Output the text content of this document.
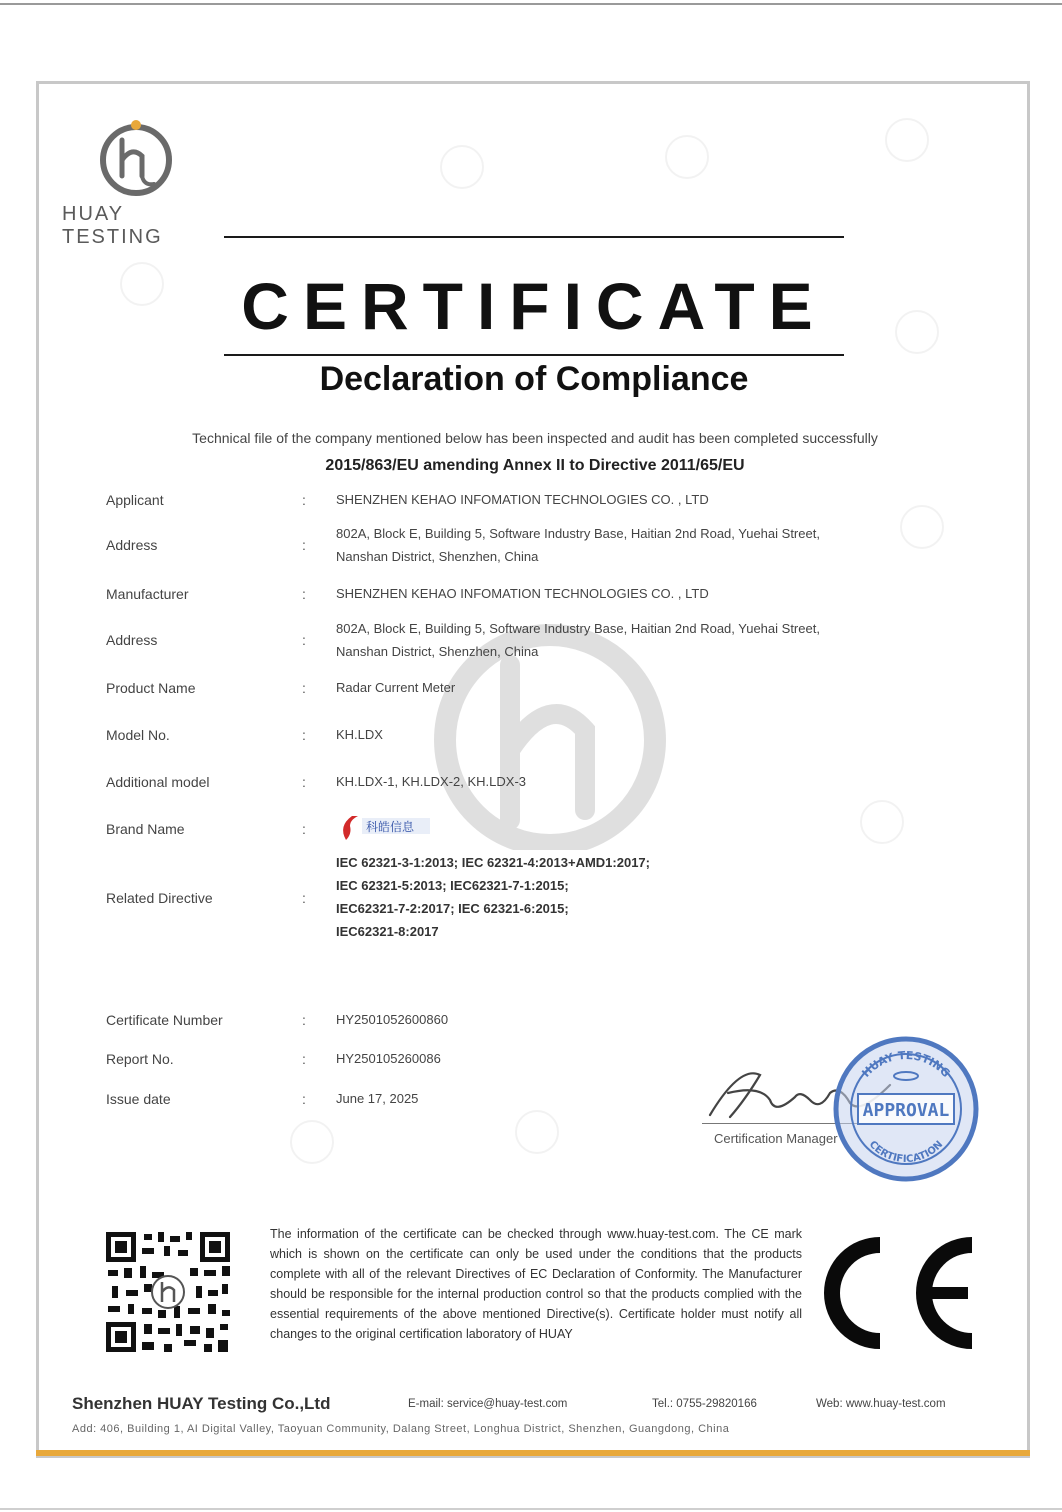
HUAY TESTING
CERTIFICATE
Declaration of Compliance
Technical file of the company mentioned below has been inspected and audit has been completed successfully
2015/863/EU amending Annex II to Directive 2011/65/EU
Applicant	: SHENZHEN KEHAO INFOMATION TECHNOLOGIES CO. , LTD
Address	:
802A, Block E, Building 5, Software Industry Base, Haitian 2nd Road, Yuehai Street,
Nanshan District, Shenzhen, China
Manufacturer	: SHENZHEN KEHAO INFOMATION TECHNOLOGIES CO. , LTD
Address	:
802A, Block E, Building 5, Software Industry Base, Haitian 2nd Road, Yuehai Street,
Nanshan District, Shenzhen, China
Product Name	: Radar Current Meter
Model No.	: KH.LDX
Additional model	: KH.LDX-1, KH.LDX-2, KH.LDX-3
Brand Name	:	科皓信息
Related Directive	:
IEC 62321-3-1:2013; IEC 62321-4:2013+AMD1:2017;
IEC 62321-5:2013; IEC62321-7-1:2015;
IEC62321-7-2:2017; IEC 62321-6:2015;
IEC62321-8:2017
Certificate Number	: HY2501052600860
Report No.	: HY250105260086
Issue date	: June 17, 2025
Bayer
Certification Manager
APPROVAL
HUAY TESTING
CERTIFICATION
The information of the certificate can be checked through www.huay-test.com. The CE mark which is shown on the certificate can only be used under the conditions that the products complete with all of the relevant Directives of EC Declaration of Conformity. The Manufacturer should be responsible for the internal production control so that the products complied with the essential requirements of the above mentioned Directive(s). Certificate holder must notify all changes to the original certification laboratory of HUAY
CE
Shenzhen HUAY Testing Co.,Ltd	E-mail: service@huay-test.com	Tel.: 0755-29820166	Web: www.huay-test.com
Add: 406, Building 1, AI Digital Valley, Taoyuan Community, Dalang Street, Longhua District, Shenzhen, Guangdong, China
